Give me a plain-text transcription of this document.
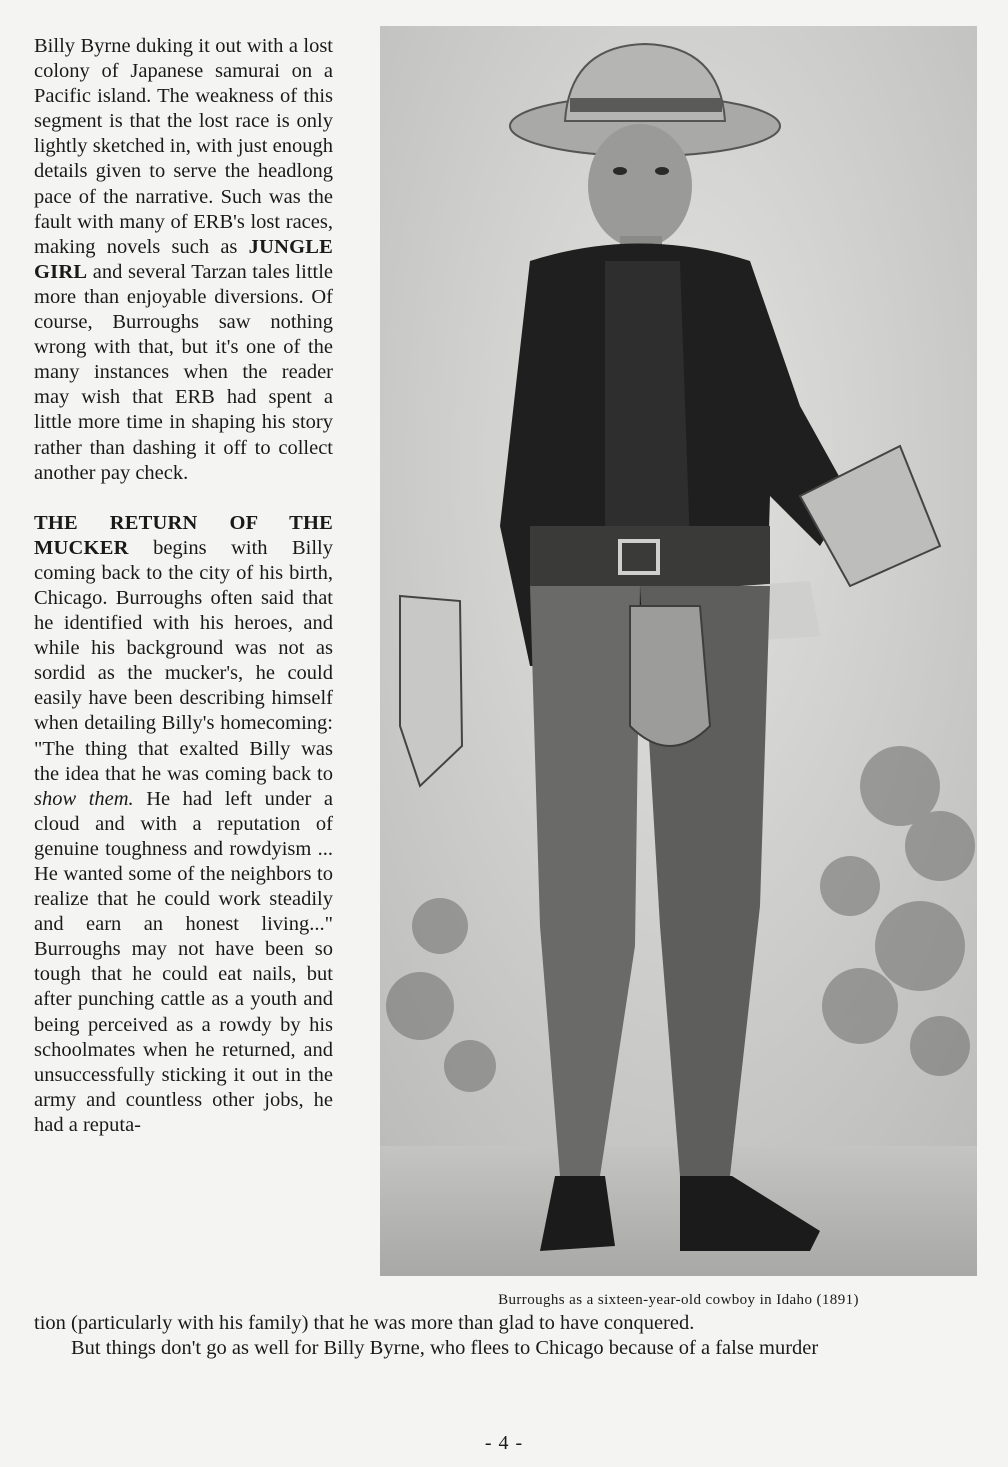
Billy Byrne duking it out with a lost colony of Japanese samurai on a Pacific island. The weakness of this segment is that the lost race is only lightly sketched in, with just enough details given to serve the headlong pace of the narrative. Such was the fault with many of ERB's lost races, making novels such as JUNGLE GIRL and several Tarzan tales little more than enjoyable diversions. Of course, Burroughs saw nothing wrong with that, but it's one of the many instances when the reader may wish that ERB had spent a little more time in shaping his story rather than dashing it off to collect another pay check.

THE RETURN OF THE MUCKER begins with Billy coming back to the city of his birth, Chicago. Burroughs often said that he identified with his heroes, and while his background was not as sordid as the mucker's, he could easily have been describing himself when detailing Billy's homecoming: "The thing that exalted Billy was the idea that he was coming back to show them. He had left under a cloud and with a reputation of genuine toughness and rowdyism ... He wanted some of the neighbors to realize that he could work steadily and earn an honest living..." Burroughs may not have been so tough that he could eat nails, but after punching cattle as a youth and being perceived as a rowdy by his schoolmates when he returned, and unsuccessfully sticking it out in the army and countless other jobs, he had a reputa-

Burroughs as a sixteen-year-old cowboy in Idaho (1891)
tion (particularly with his family) that he was more than glad to have conquered.
But things don't go as well for Billy Byrne, who flees to Chicago because of a false murder
- 4 -
